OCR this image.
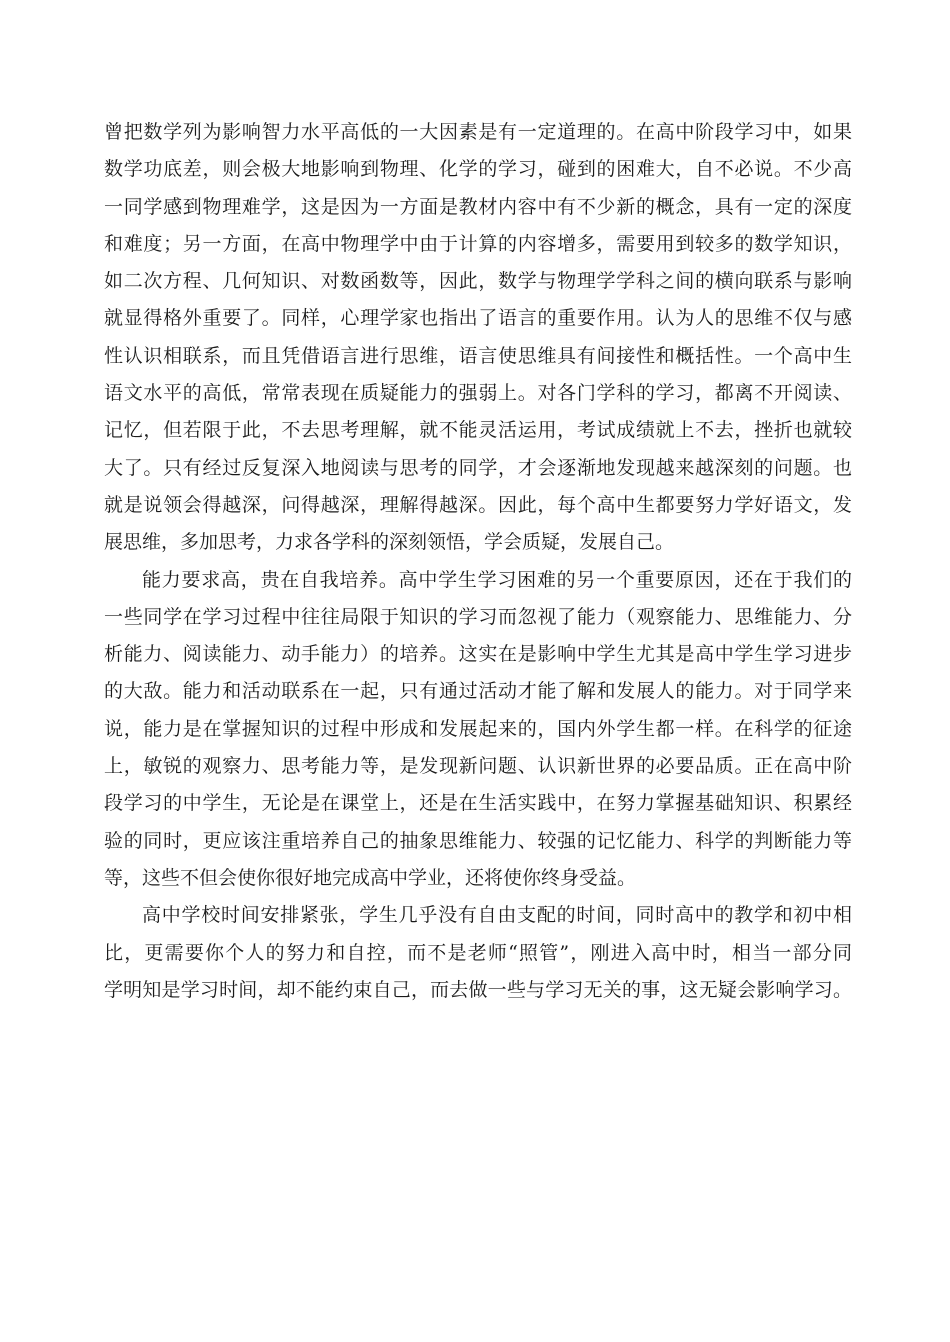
曾把数学列为影响智力水平高低的一大因素是有一定道理的。在高中阶段学习中，如果
数学功底差，则会极大地影响到物理、化学的学习，碰到的困难大，自不必说。不少高
一同学感到物理难学，这是因为一方面是教材内容中有不少新的概念，具有一定的深度
和难度；另一方面，在高中物理学中由于计算的内容增多，需要用到较多的数学知识，
如二次方程、几何知识、对数函数等，因此，数学与物理学学科之间的横向联系与影响
就显得格外重要了。同样，心理学家也指出了语言的重要作用。认为人的思维不仅与感
性认识相联系，而且凭借语言进行思维，语言使思维具有间接性和概括性。一个高中生
语文水平的高低，常常表现在质疑能力的强弱上。对各门学科的学习，都离不开阅读、
记忆，但若限于此，不去思考理解，就不能灵活运用，考试成绩就上不去，挫折也就较
大了。只有经过反复深入地阅读与思考的同学，才会逐渐地发现越来越深刻的问题。也
就是说领会得越深，问得越深，理解得越深。因此，每个高中生都要努力学好语文，发
展思维，多加思考，力求各学科的深刻领悟，学会质疑，发展自己。

能力要求高，贵在自我培养。高中学生学习困难的另一个重要原因，还在于我们的
一些同学在学习过程中往往局限于知识的学习而忽视了能力（观察能力、思维能力、分
析能力、阅读能力、动手能力）的培养。这实在是影响中学生尤其是高中学生学习进步
的大敌。能力和活动联系在一起，只有通过活动才能了解和发展人的能力。对于同学来
说，能力是在掌握知识的过程中形成和发展起来的，国内外学生都一样。在科学的征途
上，敏锐的观察力、思考能力等，是发现新问题、认识新世界的必要品质。正在高中阶
段学习的中学生，无论是在课堂上，还是在生活实践中，在努力掌握基础知识、积累经
验的同时，更应该注重培养自己的抽象思维能力、较强的记忆能力、科学的判断能力等
等，这些不但会使你很好地完成高中学业，还将使你终身受益。

高中学校时间安排紧张，学生几乎没有自由支配的时间，同时高中的教学和初中相
比，更需要你个人的努力和自控，而不是老师“照管”，刚进入高中时，相当一部分同
学明知是学习时间，却不能约束自己，而去做一些与学习无关的事，这无疑会影响学习。
